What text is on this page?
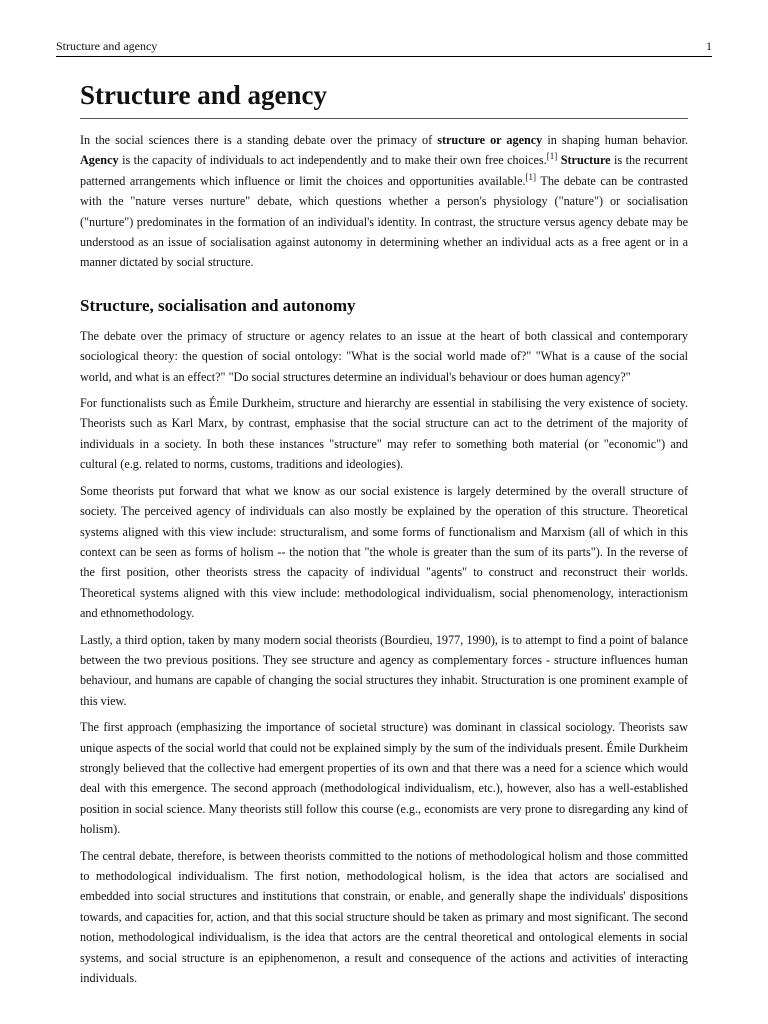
Structure and agency	1
Structure and agency

In the social sciences there is a standing debate over the primacy of structure or agency in shaping human behavior. Agency is the capacity of individuals to act independently and to make their own free choices.[1] Structure is the recurrent patterned arrangements which influence or limit the choices and opportunities available.[1] The debate can be contrasted with the "nature verses nurture" debate, which questions whether a person's physiology ("nature") or socialisation ("nurture") predominates in the formation of an individual's identity. In contrast, the structure versus agency debate may be understood as an issue of socialisation against autonomy in determining whether an individual acts as a free agent or in a manner dictated by social structure.

Structure, socialisation and autonomy

The debate over the primacy of structure or agency relates to an issue at the heart of both classical and contemporary sociological theory: the question of social ontology: "What is the social world made of?" "What is a cause of the social world, and what is an effect?" "Do social structures determine an individual's behaviour or does human agency?"

For functionalists such as Émile Durkheim, structure and hierarchy are essential in stabilising the very existence of society. Theorists such as Karl Marx, by contrast, emphasise that the social structure can act to the detriment of the majority of individuals in a society. In both these instances "structure" may refer to something both material (or "economic") and cultural (e.g. related to norms, customs, traditions and ideologies).

Some theorists put forward that what we know as our social existence is largely determined by the overall structure of society. The perceived agency of individuals can also mostly be explained by the operation of this structure. Theoretical systems aligned with this view include: structuralism, and some forms of functionalism and Marxism (all of which in this context can be seen as forms of holism -- the notion that "the whole is greater than the sum of its parts"). In the reverse of the first position, other theorists stress the capacity of individual "agents" to construct and reconstruct their worlds. Theoretical systems aligned with this view include: methodological individualism, social phenomenology, interactionism and ethnomethodology.

Lastly, a third option, taken by many modern social theorists (Bourdieu, 1977, 1990), is to attempt to find a point of balance between the two previous positions. They see structure and agency as complementary forces - structure influences human behaviour, and humans are capable of changing the social structures they inhabit. Structuration is one prominent example of this view.

The first approach (emphasizing the importance of societal structure) was dominant in classical sociology. Theorists saw unique aspects of the social world that could not be explained simply by the sum of the individuals present. Émile Durkheim strongly believed that the collective had emergent properties of its own and that there was a need for a science which would deal with this emergence. The second approach (methodological individualism, etc.), however, also has a well-established position in social science. Many theorists still follow this course (e.g., economists are very prone to disregarding any kind of holism).

The central debate, therefore, is between theorists committed to the notions of methodological holism and those committed to methodological individualism. The first notion, methodological holism, is the idea that actors are socialised and embedded into social structures and institutions that constrain, or enable, and generally shape the individuals' dispositions towards, and capacities for, action, and that this social structure should be taken as primary and most significant. The second notion, methodological individualism, is the idea that actors are the central theoretical and ontological elements in social systems, and social structure is an epiphenomenon, a result and consequence of the actions and activities of interacting individuals.
